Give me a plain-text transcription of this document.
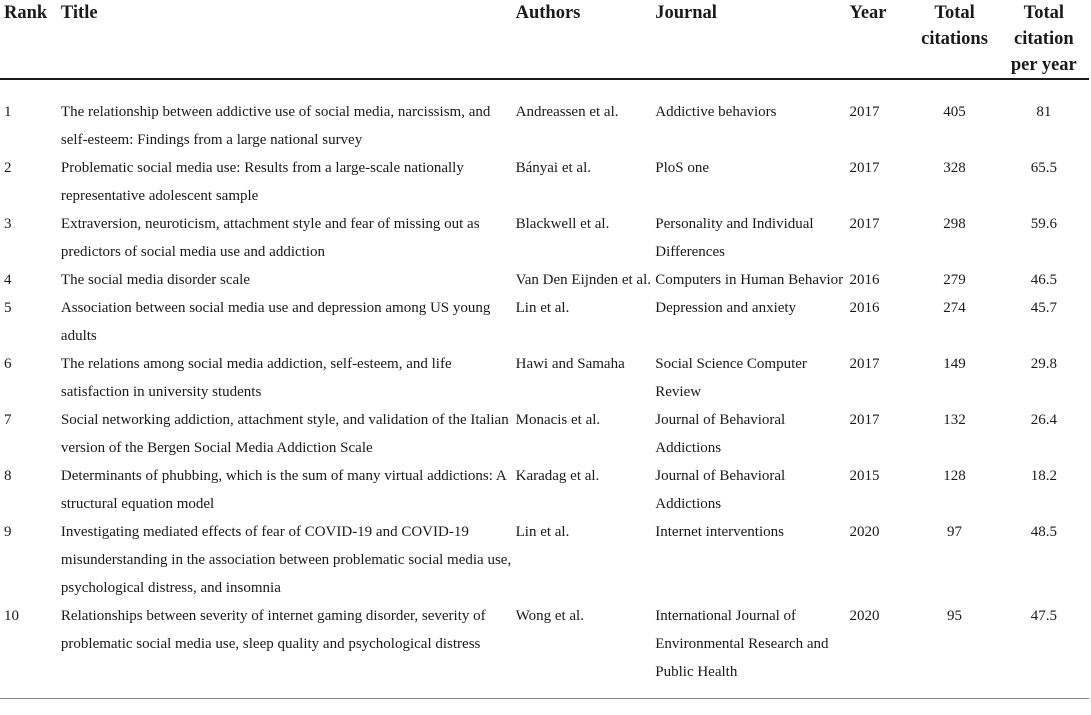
Rank	Title	Authors	Journal	Year	Total citations	Total citation per year
1	The relationship between addictive use of social media, narcissism, and self-esteem: Findings from a large national survey	Andreassen et al.	Addictive behaviors	2017	405	81
2	Problematic social media use: Results from a large-scale nationally representative adolescent sample	Bányai et al.	PloS one	2017	328	65.5
3	Extraversion, neuroticism, attachment style and fear of missing out as predictors of social media use and addiction	Blackwell et al.	Personality and Individual Differences	2017	298	59.6
4	The social media disorder scale	Van Den Eijnden et al.	Computers in Human Behavior	2016	279	46.5
5	Association between social media use and depression among US young adults	Lin et al.	Depression and anxiety	2016	274	45.7
6	The relations among social media addiction, self-esteem, and life satisfaction in university students	Hawi and Samaha	Social Science Computer Review	2017	149	29.8
7	Social networking addiction, attachment style, and validation of the Italian version of the Bergen Social Media Addiction Scale	Monacis et al.	Journal of Behavioral Addictions	2017	132	26.4
8	Determinants of phubbing, which is the sum of many virtual addictions: A structural equation model	Karadag et al.	Journal of Behavioral Addictions	2015	128	18.2
9	Investigating mediated effects of fear of COVID-19 and COVID-19 misunderstanding in the association between problematic social media use, psychological distress, and insomnia	Lin et al.	Internet interventions	2020	97	48.5
10	Relationships between severity of internet gaming disorder, severity of problematic social media use, sleep quality and psychological distress	Wong et al.	International Journal of Environmental Research and Public Health	2020	95	47.5
